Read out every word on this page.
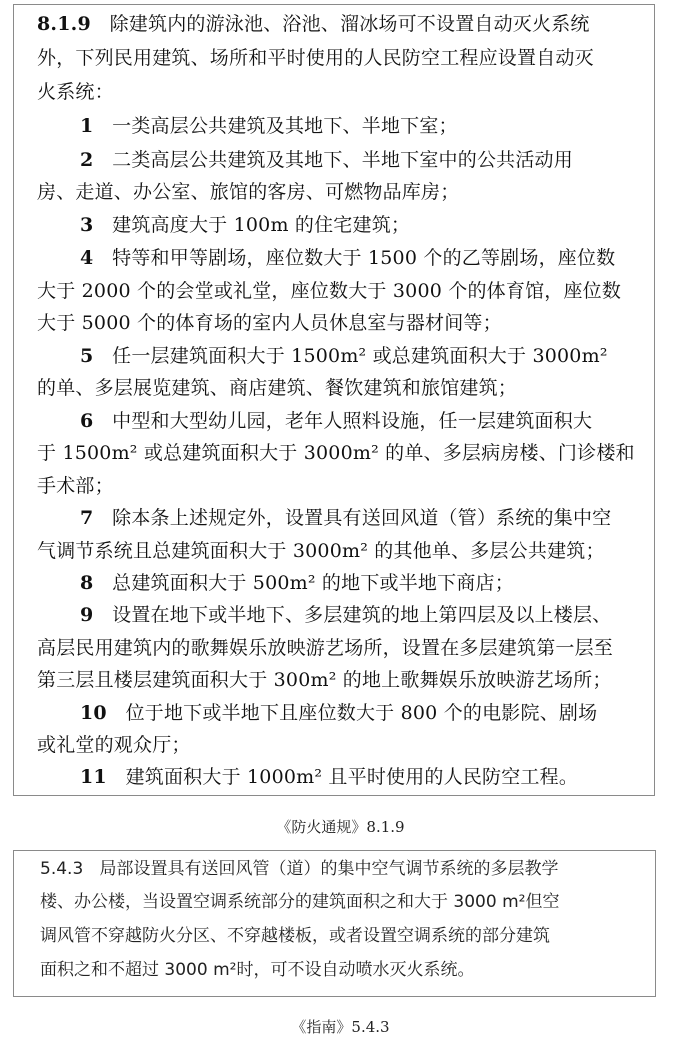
8.1.9 除建筑内的游泳池、浴池、溜冰场可不设置自动灭火系统
外，下列民用建筑、场所和平时使用的人民防空工程应设置自动灭
火系统：
1 一类高层公共建筑及其地下、半地下室；
2 二类高层公共建筑及其地下、半地下室中的公共活动用
房、走道、办公室、旅馆的客房、可燃物品库房；
3 建筑高度大于 100m 的住宅建筑；
4 特等和甲等剧场，座位数大于 1500 个的乙等剧场，座位数
大于 2000 个的会堂或礼堂，座位数大于 3000 个的体育馆，座位数
大于 5000 个的体育场的室内人员休息室与器材间等；
5 任一层建筑面积大于 1500m² 或总建筑面积大于 3000m²
的单、多层展览建筑、商店建筑、餐饮建筑和旅馆建筑；
6 中型和大型幼儿园，老年人照料设施，任一层建筑面积大
于 1500m² 或总建筑面积大于 3000m² 的单、多层病房楼、门诊楼和
手术部；
7 除本条上述规定外，设置具有送回风道（管）系统的集中空
气调节系统且总建筑面积大于 3000m² 的其他单、多层公共建筑；
8 总建筑面积大于 500m² 的地下或半地下商店；
9 设置在地下或半地下、多层建筑的地上第四层及以上楼层、
高层民用建筑内的歌舞娱乐放映游艺场所，设置在多层建筑第一层至
第三层且楼层建筑面积大于 300m² 的地上歌舞娱乐放映游艺场所；
10 位于地下或半地下且座位数大于 800 个的电影院、剧场
或礼堂的观众厅；
11 建筑面积大于 1000m² 且平时使用的人民防空工程。
《防火通规》8.1.9
5.4.3 局部设置具有送回风管（道）的集中空气调节系统的多层教学
楼、办公楼，当设置空调系统部分的建筑面积之和大于 3000 m²但空
调风管不穿越防火分区、不穿越楼板，或者设置空调系统的部分建筑
面积之和不超过 3000 m²时，可不设自动喷水灭火系统。
《指南》5.4.3
